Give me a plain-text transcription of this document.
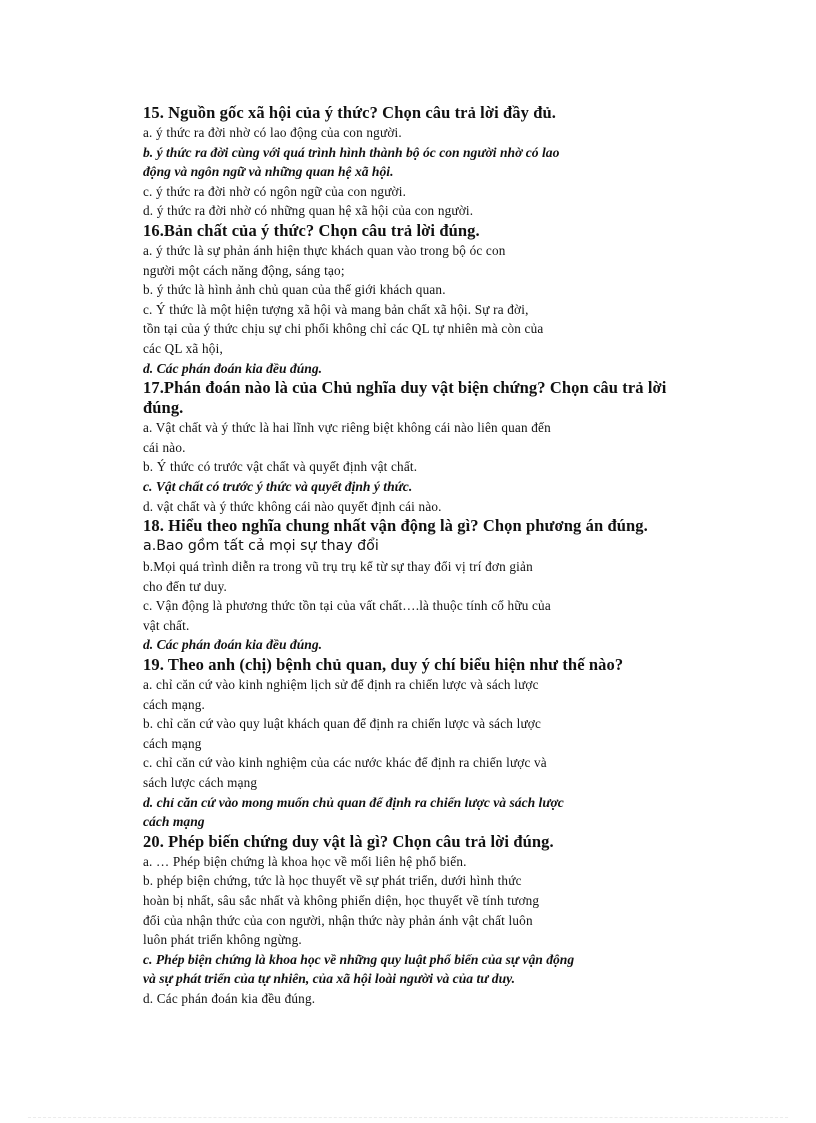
15. Nguồn gốc xã hội của ý thức? Chọn câu trả lời đầy đủ.
a. ý thức ra đời nhờ có lao động của con người.
b. ý thức ra đời cùng với quá trình hình thành bộ óc con người nhờ có lao
động và ngôn ngữ và những quan hệ xã hội.
c. ý thức ra đời nhờ có ngôn ngữ của con người.
d. ý thức ra đời nhờ có những quan hệ xã hội của con người.
16.Bản chất của ý thức? Chọn câu trả lời đúng.
a. ý thức là sự phản ánh hiện thực khách quan vào trong bộ óc con
người một cách năng động, sáng tạo;
b. ý thức là hình ảnh chủ quan của thế giới khách quan.
c. Ý thức là một hiện tượng xã hội và mang bản chất xã hội. Sự ra đời,
tồn tại của ý thức chịu sự chi phối không chỉ các QL tự nhiên mà còn của
các QL xã hội,
d. Các phán đoán kia đều đúng.
17.Phán đoán nào là của Chủ nghĩa duy vật biện chứng? Chọn câu trả lời
đúng.
a. Vật chất và ý thức là hai lĩnh vực riêng biệt không cái nào liên quan đến
cái nào.
b. Ý thức có trước vật chất và quyết định vật chất.
c. Vật chất có trước ý thức và quyết định ý thức.
d. vật chất và ý thức không cái nào quyết định cái nào.
18. Hiểu theo nghĩa chung nhất vận động là gì? Chọn phương án đúng.
a.Bao gồm tất cả mọi sự thay đổi
b.Mọi quá trình diễn ra trong vũ trụ trụ kể từ sự thay đổi vị trí đơn giản
cho đến tư duy.
c. Vận động là phương thức tồn tại của vất chất….là thuộc tính cố hữu của
vật chất.
d. Các phán đoán kia đều đúng.
19. Theo anh (chị) bệnh chủ quan, duy ý chí biểu hiện như thế nào?
a. chỉ căn cứ vào kinh nghiệm lịch sử để định ra chiến lược và sách lược
cách mạng.
b. chỉ căn cứ vào quy luật khách quan để định ra chiến lược và sách lược
cách mạng
c. chỉ căn cứ vào kinh nghiệm của các nước khác để định ra chiến lược và
sách lược cách mạng
d. chỉ căn cứ vào mong muốn chủ quan để định ra chiến lược và sách lược
cách mạng
20. Phép biến chứng duy vật là gì? Chọn câu trả lời đúng.
a. … Phép biện chứng là khoa học về mối liên hệ phổ biến.
b. phép biện chứng, tức là học thuyết về sự phát triển, dưới hình thức
hoàn bị nhất, sâu sắc nhất và không phiến diện, học thuyết về tính tương
đối của nhận thức của con người, nhận thức này phản ánh vật chất luôn
luôn phát triển không ngừng.
c. Phép biện chứng là khoa học về những quy luật phổ biến của sự vận động
và sự phát triển của tự nhiên, của xã hội loài người và của tư duy.
d. Các phán đoán kia đều đúng.
